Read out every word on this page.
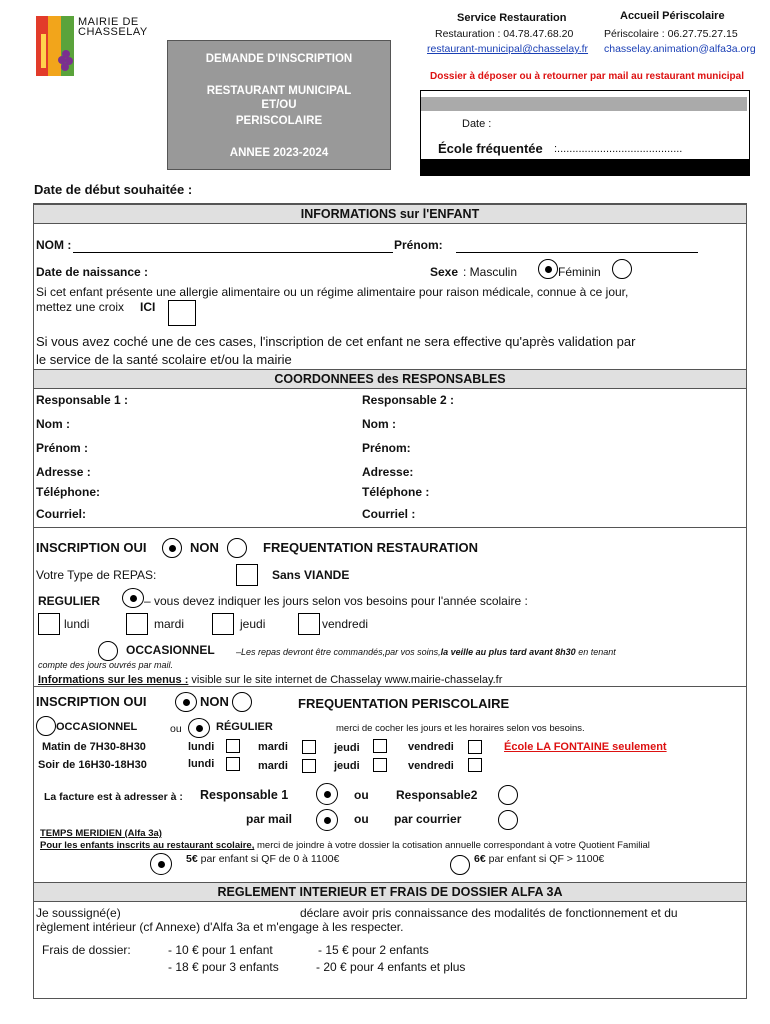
MAIRIE DE
CHASSELAY
DEMANDE D'INSCRIPTION
RESTAURANT MUNICIPAL
ET/OU
PERISCOLAIRE
ANNEE 2023-2024
Service Restauration
Restauration : 04.78.47.68.20
restaurant-municipal@chasselay.fr
Accueil Périscolaire
Périscolaire : 06.27.75.27.15
chasselay.animation@alfa3a.org
Dossier à déposer ou à retourner par mail au restaurant municipal
Date :
École fréquentée :.........................................
Date de début souhaitée :
INFORMATIONS sur l'ENFANT
NOM :	Prénom:
Date de naissance :	Sexe : Masculin	Féminin
Si cet enfant présente une allergie alimentaire ou un régime alimentaire pour raison médicale, connue à ce jour,
mettez une croix ICI
Si vous avez coché une de ces cases, l'inscription de cet enfant ne sera effective qu'après validation par
le service de la santé scolaire et/ou la mairie
COORDONNEES des RESPONSABLES
Responsable 1 :	Responsable 2 :
Nom :	Nom :
Prénom :	Prénom:
Adresse :	Adresse:
Téléphone:	Téléphone :
Courriel:	Courriel :
INSCRIPTION OUI	NON	FREQUENTATION RESTAURATION
Votre Type de REPAS:	Sans VIANDE
REGULIER	– vous devez indiquer les jours selon vos besoins pour l'année scolaire :
lundi	mardi	jeudi	vendredi
OCCASIONNEL –Les repas devront être commandés,par vos soins,la veille au plus tard avant 8h30 en tenant
compte des jours ouvrés par mail.
Informations sur les menus : visible sur le site internet de Chasselay www.mairie-chasselay.fr
INSCRIPTION OUI	NON	FREQUENTATION PERISCOLAIRE
OCCASIONNEL	ou	RÉGULIER	merci de cocher les jours et les horaires selon vos besoins.
Matin de 7H30-8H30	lundi	mardi	jeudi	vendredi	École LA FONTAINE seulement
Soir de 16H30-18H30	lundi	mardi	jeudi	vendredi
La facture est à adresser à : Responsable 1	ou Responsable2
par mail	ou par courrier
TEMPS MERIDIEN (Alfa 3a)
Pour les enfants inscrits au restaurant scolaire, merci de joindre à votre dossier la cotisation annuelle correspondant à votre Quotient Familial
5€ par enfant si QF de 0 à 1100€	6€ par enfant si QF > 1100€
REGLEMENT INTERIEUR ET FRAIS DE DOSSIER ALFA 3A
Je soussigné(e)	déclare avoir pris connaissance des modalités de fonctionnement et du
règlement intérieur (cf Annexe) d'Alfa 3a et m'engage à les respecter.
Frais de dossier:	- 10 € pour 1 enfant	- 15 € pour 2 enfants
- 18 € pour 3 enfants	- 20 € pour 4 enfants et plus
